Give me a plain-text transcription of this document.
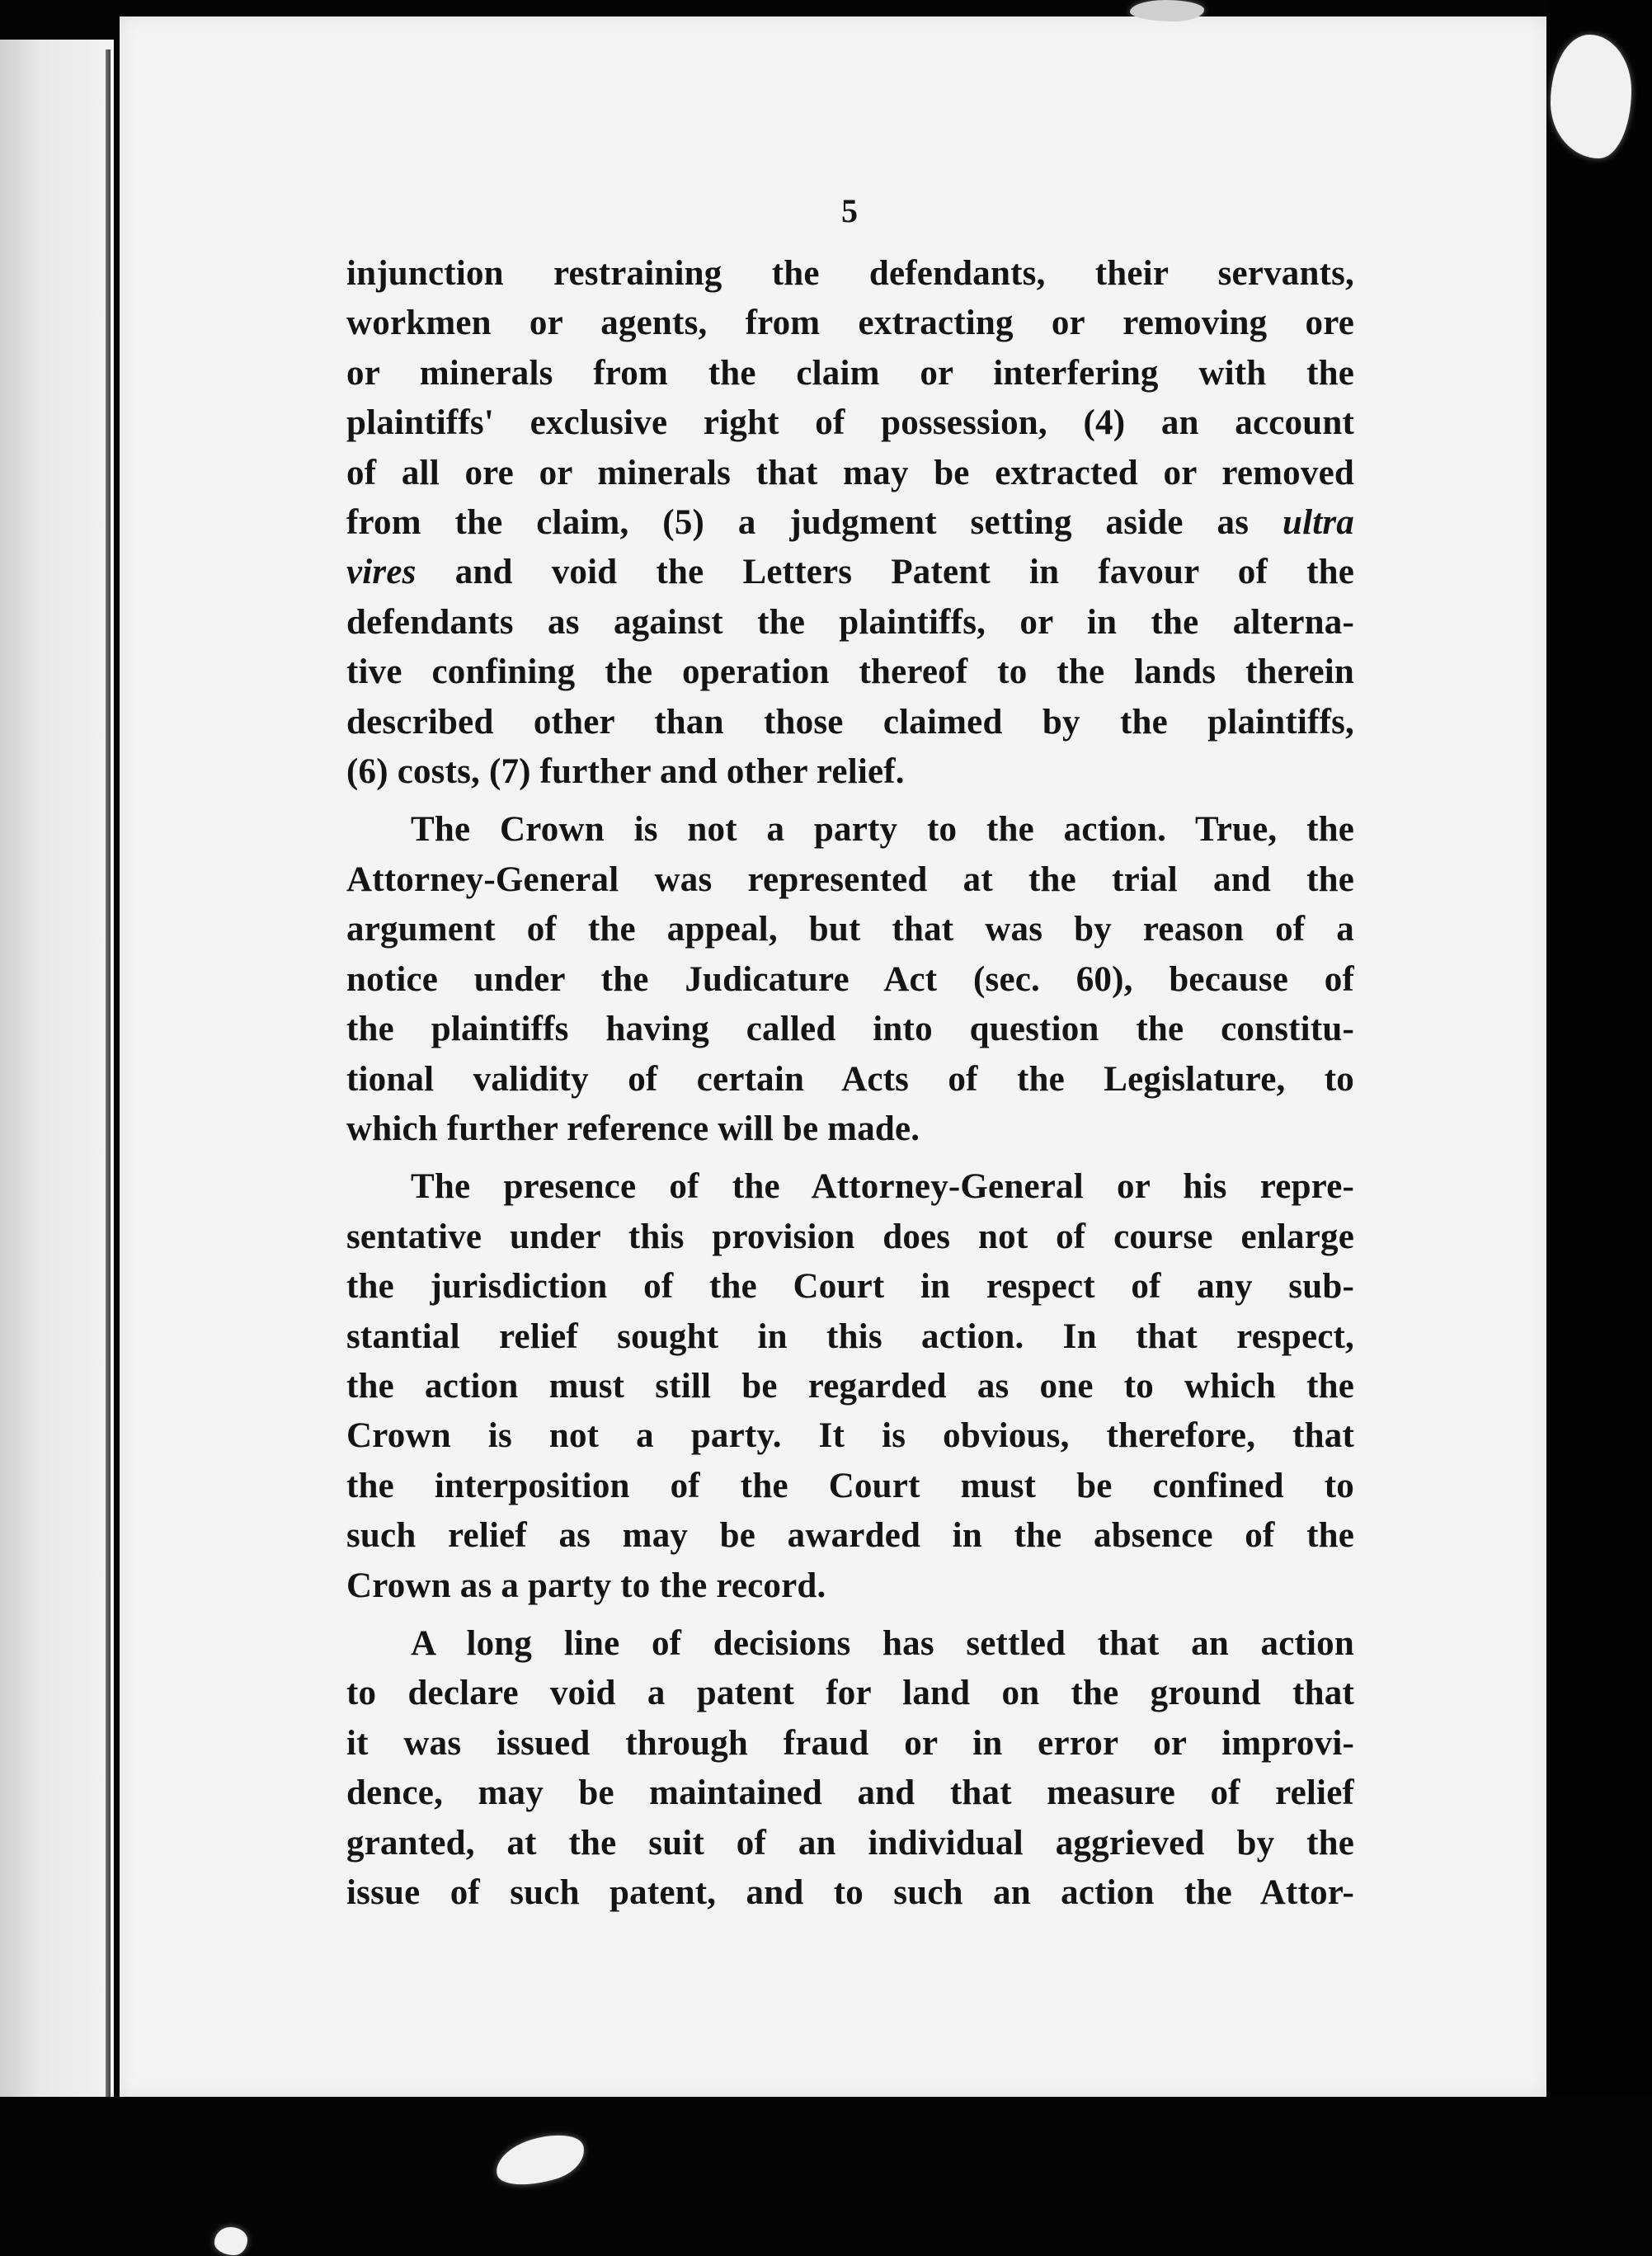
5
injunction restraining the defendants, their servants,
workmen or agents, from extracting or removing ore
or minerals from the claim or interfering with the
plaintiffs' exclusive right of possession, (4) an account
of all ore or minerals that may be extracted or removed
from the claim, (5) a judgment setting aside as ultra
vires and void the Letters Patent in favour of the
defendants as against the plaintiffs, or in the alterna-
tive confining the operation thereof to the lands therein
described other than those claimed by the plaintiffs,
(6) costs, (7) further and other relief.
The Crown is not a party to the action. True, the
Attorney-General was represented at the trial and the
argument of the appeal, but that was by reason of a
notice under the Judicature Act (sec. 60), because of
the plaintiffs having called into question the constitu-
tional validity of certain Acts of the Legislature, to
which further reference will be made.
The presence of the Attorney-General or his repre-
sentative under this provision does not of course enlarge
the jurisdiction of the Court in respect of any sub-
stantial relief sought in this action. In that respect,
the action must still be regarded as one to which the
Crown is not a party. It is obvious, therefore, that
the interposition of the Court must be confined to
such relief as may be awarded in the absence of the
Crown as a party to the record.
A long line of decisions has settled that an action
to declare void a patent for land on the ground that
it was issued through fraud or in error or improvi-
dence, may be maintained and that measure of relief
granted, at the suit of an individual aggrieved by the
issue of such patent, and to such an action the Attor-
